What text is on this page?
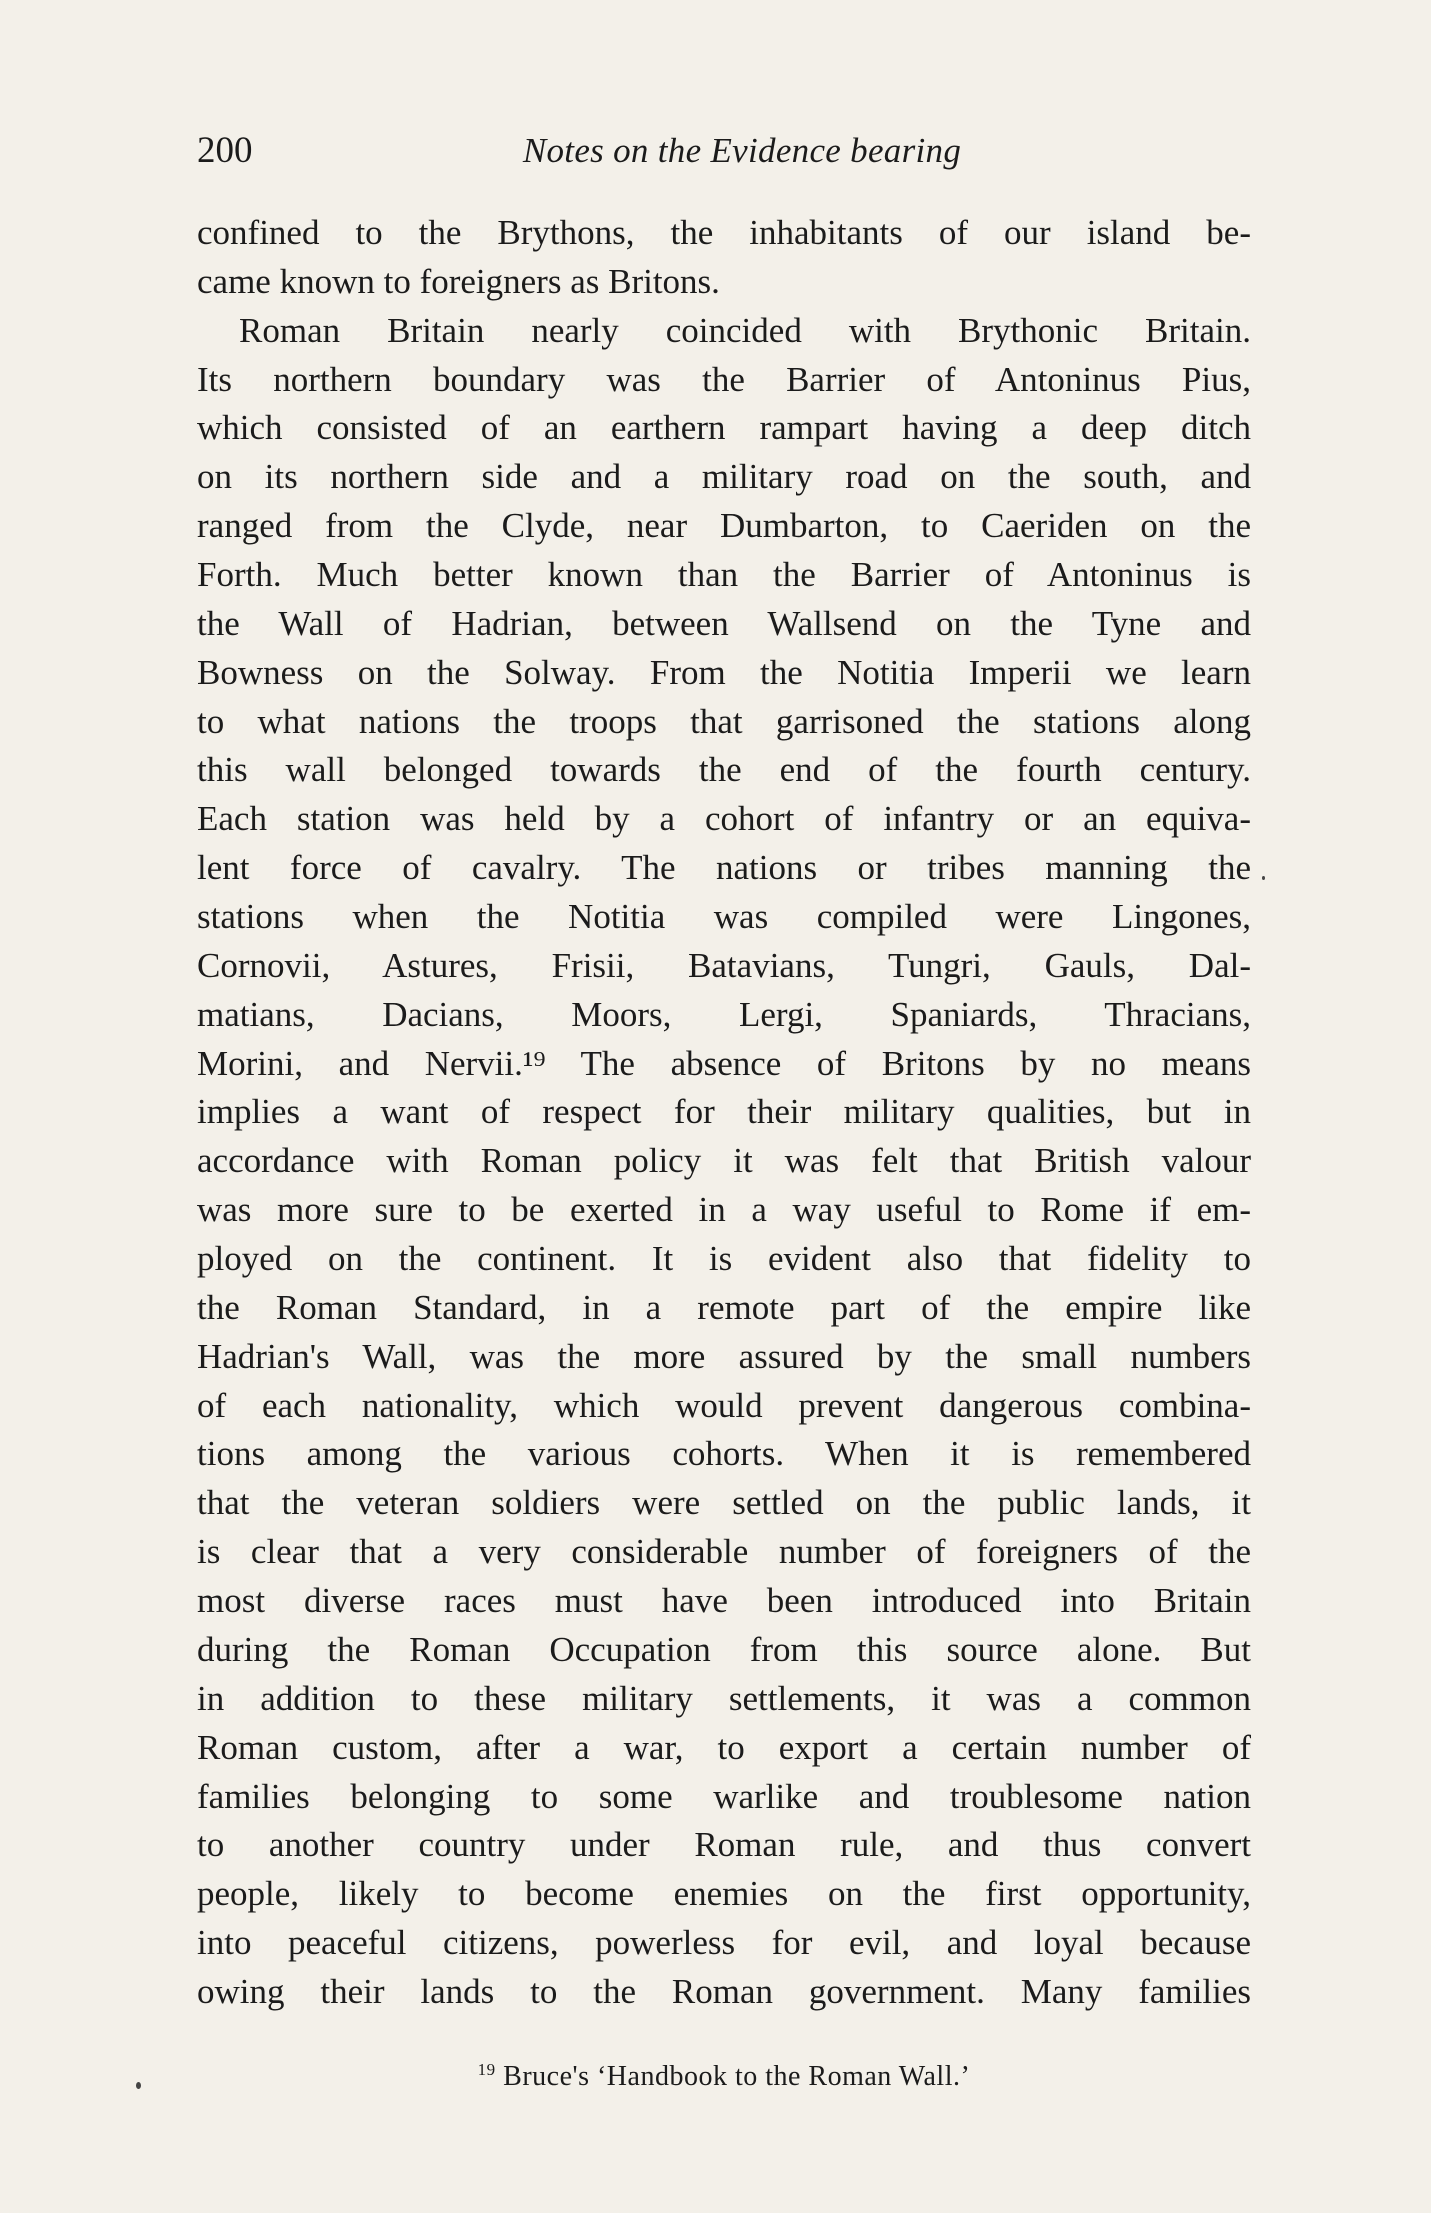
200	Notes on the Evidence bearing
confined to the Brythons, the inhabitants of our island be-
came known to foreigners as Britons.
Roman Britain nearly coincided with Brythonic Britain.
Its northern boundary was the Barrier of Antoninus Pius,
which consisted of an earthern rampart having a deep ditch
on its northern side and a military road on the south, and
ranged from the Clyde, near Dumbarton, to Caeriden on the
Forth. Much better known than the Barrier of Antoninus is
the Wall of Hadrian, between Wallsend on the Tyne and
Bowness on the Solway. From the Notitia Imperii we learn
to what nations the troops that garrisoned the stations along
this wall belonged towards the end of the fourth century.
Each station was held by a cohort of infantry or an equiva-
lent force of cavalry. The nations or tribes manning the
stations when the Notitia was compiled were Lingones,
Cornovii, Astures, Frisii, Batavians, Tungri, Gauls, Dal-
matians, Dacians, Moors, Lergi, Spaniards, Thracians,
Morini, and Nervii.¹⁹ The absence of Britons by no means
implies a want of respect for their military qualities, but in
accordance with Roman policy it was felt that British valour
was more sure to be exerted in a way useful to Rome if em-
ployed on the continent. It is evident also that fidelity to
the Roman Standard, in a remote part of the empire like
Hadrian's Wall, was the more assured by the small numbers
of each nationality, which would prevent dangerous combina-
tions among the various cohorts. When it is remembered
that the veteran soldiers were settled on the public lands, it
is clear that a very considerable number of foreigners of the
most diverse races must have been introduced into Britain
during the Roman Occupation from this source alone. But
in addition to these military settlements, it was a common
Roman custom, after a war, to export a certain number of
families belonging to some warlike and troublesome nation
to another country under Roman rule, and thus convert
people, likely to become enemies on the first opportunity,
into peaceful citizens, powerless for evil, and loyal because
owing their lands to the Roman government. Many families
$^{19}$ Bruce's ‘Handbook to the Roman Wall.’
